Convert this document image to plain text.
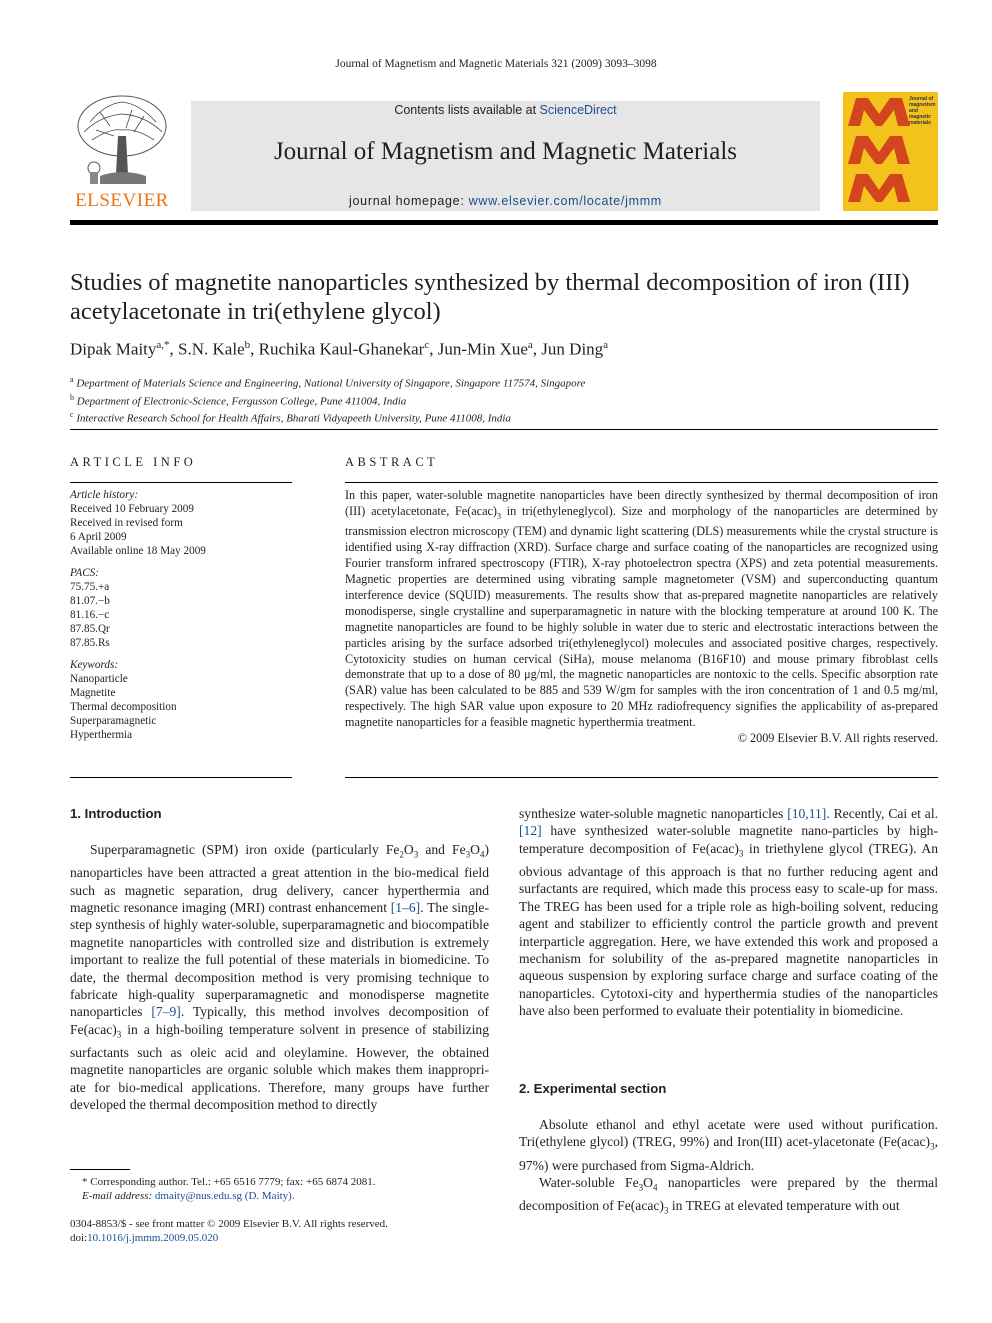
Journal of Magnetism and Magnetic Materials 321 (2009) 3093–3098
ELSEVIER
Contents lists available at ScienceDirect
Journal of Magnetism and Magnetic Materials
journal homepage: www.elsevier.com/locate/jmmm
Journal of magnetism and magnetic materials
Studies of magnetite nanoparticles synthesized by thermal decomposition of iron (III) acetylacetonate in tri(ethylene glycol)
Dipak Maity$^{a,*}$, S.N. Kale$^b$, Ruchika Kaul-Ghanekar$^c$, Jun-Min Xue$^a$, Jun Ding$^a$
$^a$ Department of Materials Science and Engineering, National University of Singapore, Singapore 117574, Singapore
$^b$ Department of Electronic-Science, Fergusson College, Pune 411004, India
$^c$ Interactive Research School for Health Affairs, Bharati Vidyapeeth University, Pune 411008, India
ARTICLE INFO
Article history:
Received 10 February 2009
Received in revised form
6 April 2009
Available online 18 May 2009
PACS:
75.75.+a
81.07.−b
81.16.−c
87.85.Qr
87.85.Rs
Keywords:
Nanoparticle
Magnetite
Thermal decomposition
Superparamagnetic
Hyperthermia
ABSTRACT
In this paper, water-soluble magnetite nanoparticles have been directly synthesized by thermal decomposition of iron (III) acetylacetonate, $Fe(acac)_3$ in tri(ethyleneglycol). Size and morphology of the nanoparticles are determined by transmission electron microscopy (TEM) and dynamic light scattering (DLS) measurements while the crystal structure is identified using X-ray diffraction (XRD). Surface charge and surface coating of the nanoparticles are recognized using Fourier transform infrared spectroscopy (FTIR), X-ray photoelectron spectra (XPS) and zeta potential measurements. Magnetic properties are determined using vibrating sample magnetometer (VSM) and superconducting quantum interference device (SQUID) measurements. The results show that as-prepared magnetite nanoparticles are relatively monodisperse, single crystalline and superparamagnetic in nature with the blocking temperature at around 100 K. The magnetite nanoparticles are found to be highly soluble in water due to steric and electrostatic interactions between the particles arising by the surface adsorbed tri(ethyleneglycol) molecules and associated positive charges, respectively. Cytotoxicity studies on human cervical (SiHa), mouse melanoma (B16F10) and mouse primary fibroblast cells demonstrate that up to a dose of 80 μg/ml, the magnetic nanoparticles are nontoxic to the cells. Specific absorption rate (SAR) value has been calculated to be 885 and 539 W/gm for samples with the iron concentration of 1 and 0.5 mg/ml, respectively. The high SAR value upon exposure to 20 MHz radiofrequency signifies the applicability of as-prepared magnetite nanoparticles for a feasible magnetic hyperthermia treatment.
© 2009 Elsevier B.V. All rights reserved.
1. Introduction

Superparamagnetic (SPM) iron oxide (particularly $Fe_2O_3$ and $Fe_3O_4$) nanoparticles have been attracted a great attention in the bio-medical field such as magnetic separation, drug delivery, cancer hyperthermia and magnetic resonance imaging (MRI) contrast enhancement [1–6]. The single-step synthesis of highly water-soluble, superparamagnetic and biocompatible magnetite nanoparticles with controlled size and distribution is extremely important to realize the full potential of these materials in biomedicine. To date, the thermal decomposition method is very promising technique to fabricate high-quality superparamagnetic and monodisperse magnetite nanoparticles [7–9]. Typically, this method involves decomposition of $Fe(acac)_3$ in a high-boiling temperature solvent in presence of stabilizing surfactants such as oleic acid and oleylamine. However, the obtained magnetite nanoparticles are organic soluble which makes them inappropri-ate for bio-medical applications. Therefore, many groups have further developed the thermal decomposition method to directly

synthesize water-soluble magnetic nanoparticles [10,11]. Recently, Cai et al. [12] have synthesized water-soluble magnetite nano-particles by high-temperature decomposition of $Fe(acac)_3$ in triethylene glycol (TREG). An obvious advantage of this approach is that no further reducing agent and surfactants are required, which made this process easy to scale-up for mass. The TREG has been used for a triple role as high-boiling solvent, reducing agent and stabilizer to efficiently control the particle growth and prevent interparticle aggregation. Here, we have extended this work and proposed a mechanism for solubility of the as-prepared magnetite nanoparticles in aqueous suspension by exploring surface charge and surface coating of the nanoparticles. Cytotoxi-city and hyperthermia studies of the nanoparticles have also been performed to evaluate their potentiality in biomedicine.

2. Experimental section

Absolute ethanol and ethyl acetate were used without purification. Tri(ethylene glycol) (TREG, 99%) and Iron(III) acet-ylacetonate ($Fe(acac)_3$, 97%) were purchased from Sigma-Aldrich.

Water-soluble $Fe_3O_4$ nanoparticles were prepared by the thermal decomposition of $Fe(acac)_3$ in TREG at elevated temperature with out

* Corresponding author. Tel.: +65 6516 7779; fax: +65 6874 2081.
E-mail address: dmaity@nus.edu.sg (D. Maity).
0304-8853/$ - see front matter © 2009 Elsevier B.V. All rights reserved.
doi:10.1016/j.jmmm.2009.05.020
